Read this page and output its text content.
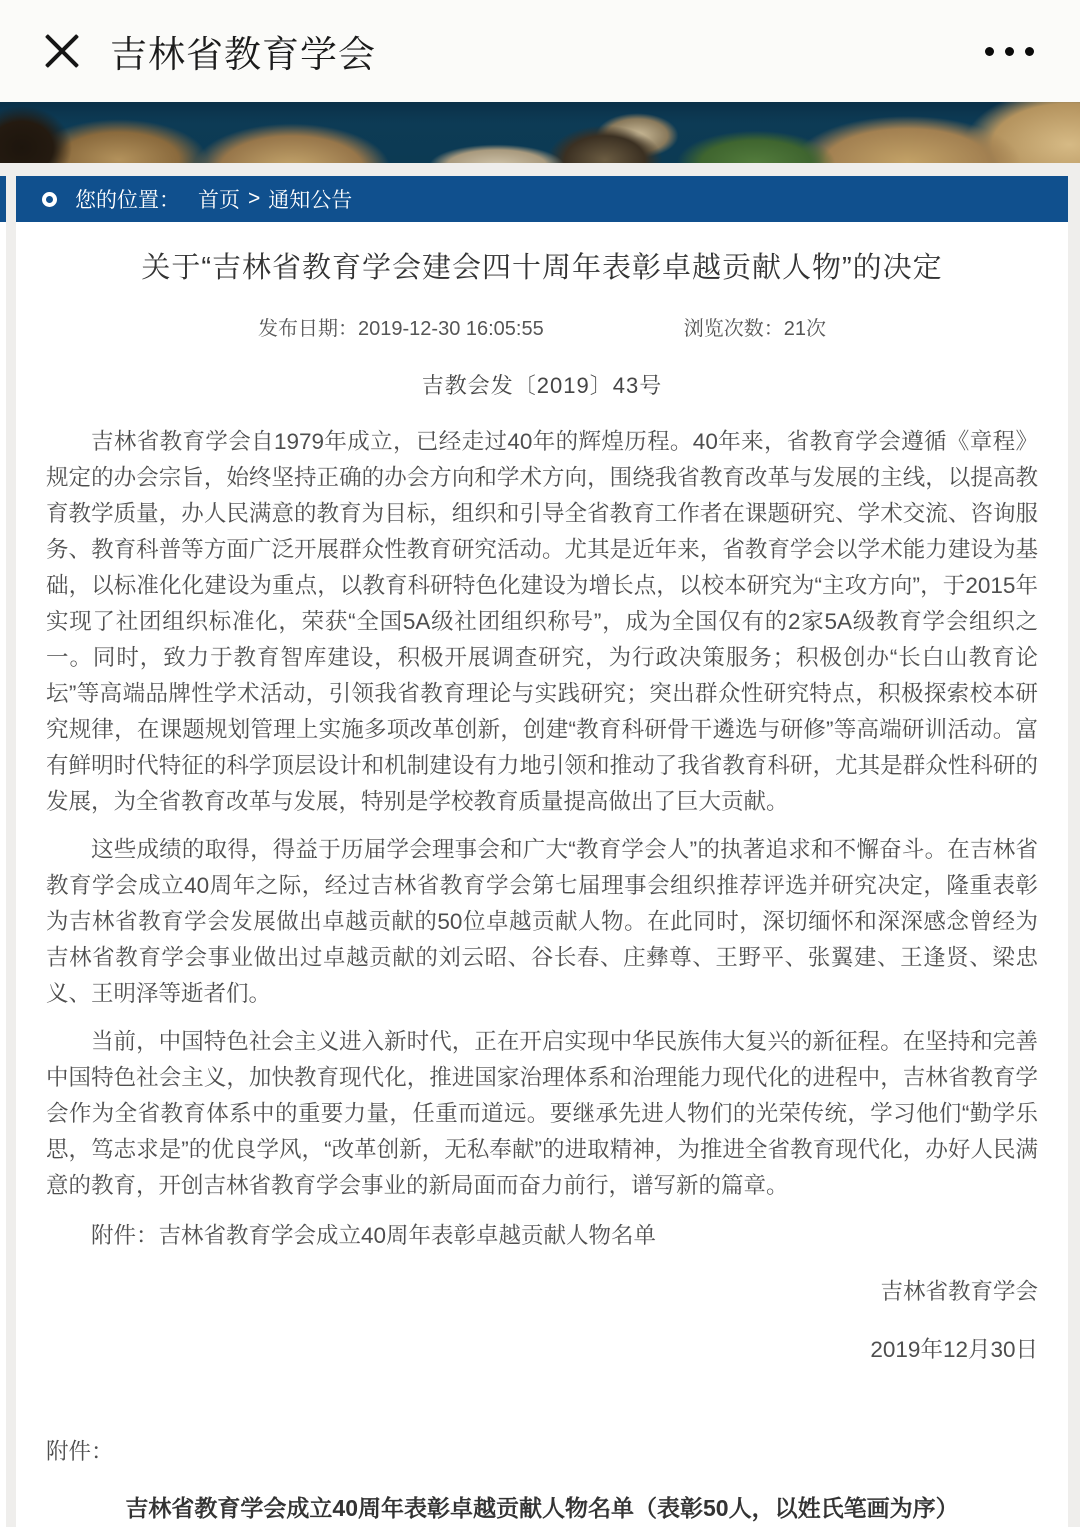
吉林省教育学会
您的位置： 首页 > 通知公告
关于“吉林省教育学会建会四十周年表彰卓越贡献人物”的决定
发布日期：2019-12-30 16:05:55	浏览次数：21次
吉教会发〔2019〕43号

吉林省教育学会自1979年成立，已经走过40年的辉煌历程。40年来，省教育学会遵循《章程》规定的办会宗旨，始终坚持正确的办会方向和学术方向，围绕我省教育改革与发展的主线，以提高教育教学质量，办人民满意的教育为目标，组织和引导全省教育工作者在课题研究、学术交流、咨询服务、教育科普等方面广泛开展群众性教育研究活动。尤其是近年来，省教育学会以学术能力建设为基础，以标准化化建设为重点，以教育科研特色化建设为增长点，以校本研究为“主攻方向”，于2015年实现了社团组织标准化，荣获“全国5A级社团组织称号”，成为全国仅有的2家5A级教育学会组织之一。同时，致力于教育智库建设，积极开展调查研究，为行政决策服务；积极创办“长白山教育论坛”等高端品牌性学术活动，引领我省教育理论与实践研究；突出群众性研究特点，积极探索校本研究规律，在课题规划管理上实施多项改革创新，创建“教育科研骨干遴选与研修”等高端研训活动。富有鲜明时代特征的科学顶层设计和机制建设有力地引领和推动了我省教育科研，尤其是群众性科研的发展，为全省教育改革与发展，特别是学校教育质量提高做出了巨大贡献。

这些成绩的取得，得益于历届学会理事会和广大“教育学会人”的执著追求和不懈奋斗。在吉林省教育学会成立40周年之际，经过吉林省教育学会第七届理事会组织推荐评选并研究决定，隆重表彰为吉林省教育学会发展做出卓越贡献的50位卓越贡献人物。在此同时，深切缅怀和深深感念曾经为吉林省教育学会事业做出过卓越贡献的刘云昭、谷长春、庄彝尊、王野平、张翼建、王逢贤、梁忠义、王明泽等逝者们。

当前，中国特色社会主义进入新时代，正在开启实现中华民族伟大复兴的新征程。在坚持和完善中国特色社会主义，加快教育现代化，推进国家治理体系和治理能力现代化的进程中，吉林省教育学会作为全省教育体系中的重要力量，任重而道远。要继承先进人物们的光荣传统，学习他们“勤学乐思，笃志求是”的优良学风，“改革创新，无私奉献”的进取精神，为推进全省教育现代化，办好人民满意的教育，开创吉林省教育学会事业的新局面而奋力前行，谱写新的篇章。

附件：吉林省教育学会成立40周年表彰卓越贡献人物名单

吉林省教育学会
2019年12月30日
附件：
吉林省教育学会成立40周年表彰卓越贡献人物名单（表彰50人，以姓氏笔画为序）
